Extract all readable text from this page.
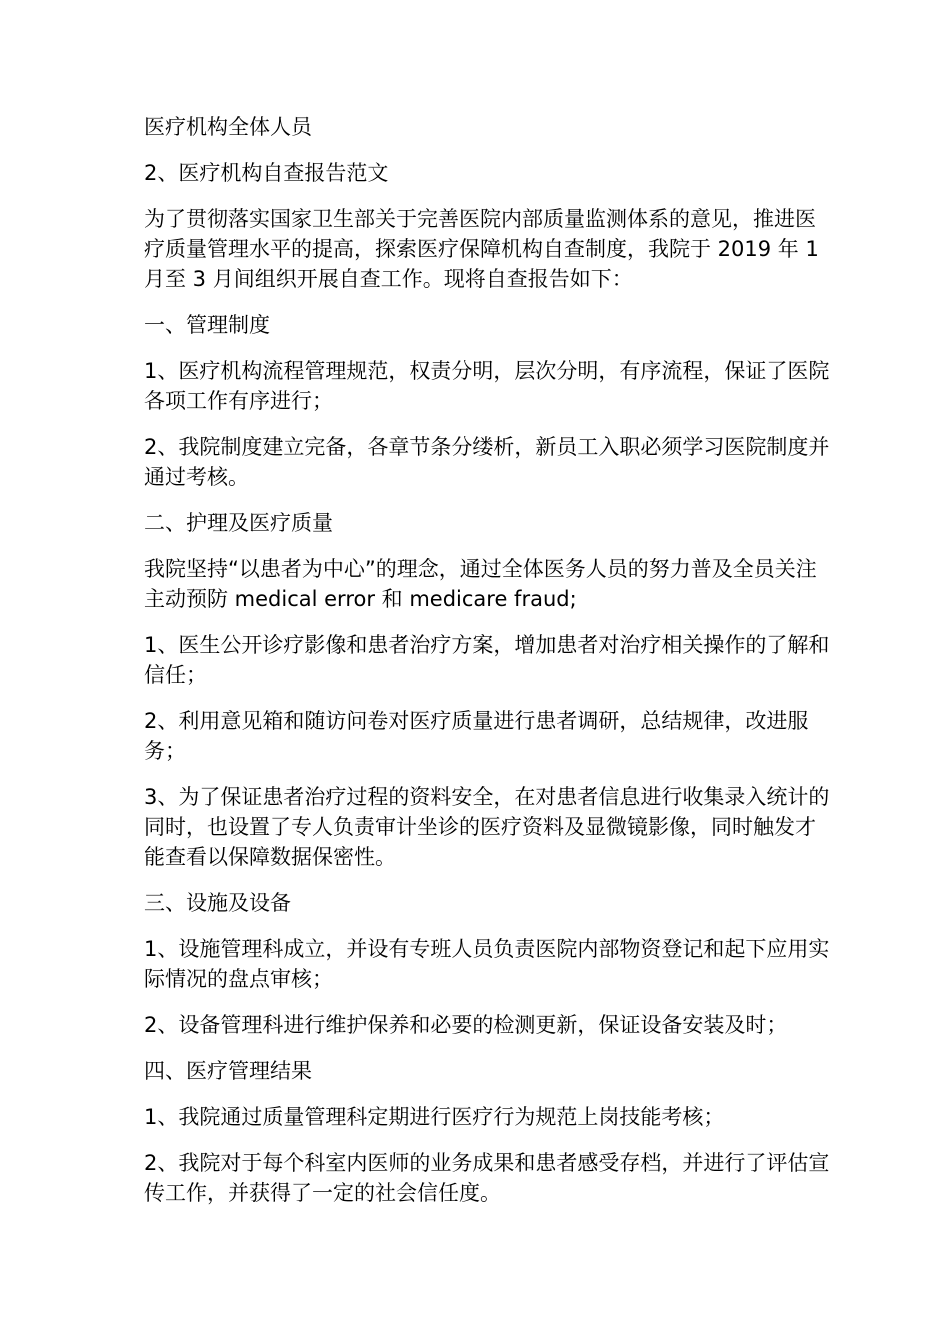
医疗机构全体人员

2、医疗机构自查报告范文

为了贯彻落实国家卫生部关于完善医院内部质量监测体系的意见，推进医疗质量管理水平的提高，探索医疗保障机构自查制度，我院于 2019 年 1 月至 3 月间组织开展自查工作。现将自查报告如下：

一、管理制度

1、医疗机构流程管理规范，权责分明，层次分明，有序流程，保证了医院各项工作有序进行；

2、我院制度建立完备，各章节条分缕析，新员工入职必须学习医院制度并通过考核。

二、护理及医疗质量

我院坚持“以患者为中心”的理念，通过全体医务人员的努力普及全员关注主动预防 medical error 和 medicare fraud;

1、医生公开诊疗影像和患者治疗方案，增加患者对治疗相关操作的了解和信任；

2、利用意见箱和随访问卷对医疗质量进行患者调研，总结规律，改进服务；

3、为了保证患者治疗过程的资料安全，在对患者信息进行收集录入统计的同时，也设置了专人负责审计坐诊的医疗资料及显微镜影像，同时触发才能查看以保障数据保密性。

三、设施及设备

1、设施管理科成立，并设有专班人员负责医院内部物资登记和起下应用实际情况的盘点审核；

2、设备管理科进行维护保养和必要的检测更新，保证设备安装及时；

四、医疗管理结果

1、我院通过质量管理科定期进行医疗行为规范上岗技能考核；

2、我院对于每个科室内医师的业务成果和患者感受存档，并进行了评估宣传工作，并获得了一定的社会信任度。
